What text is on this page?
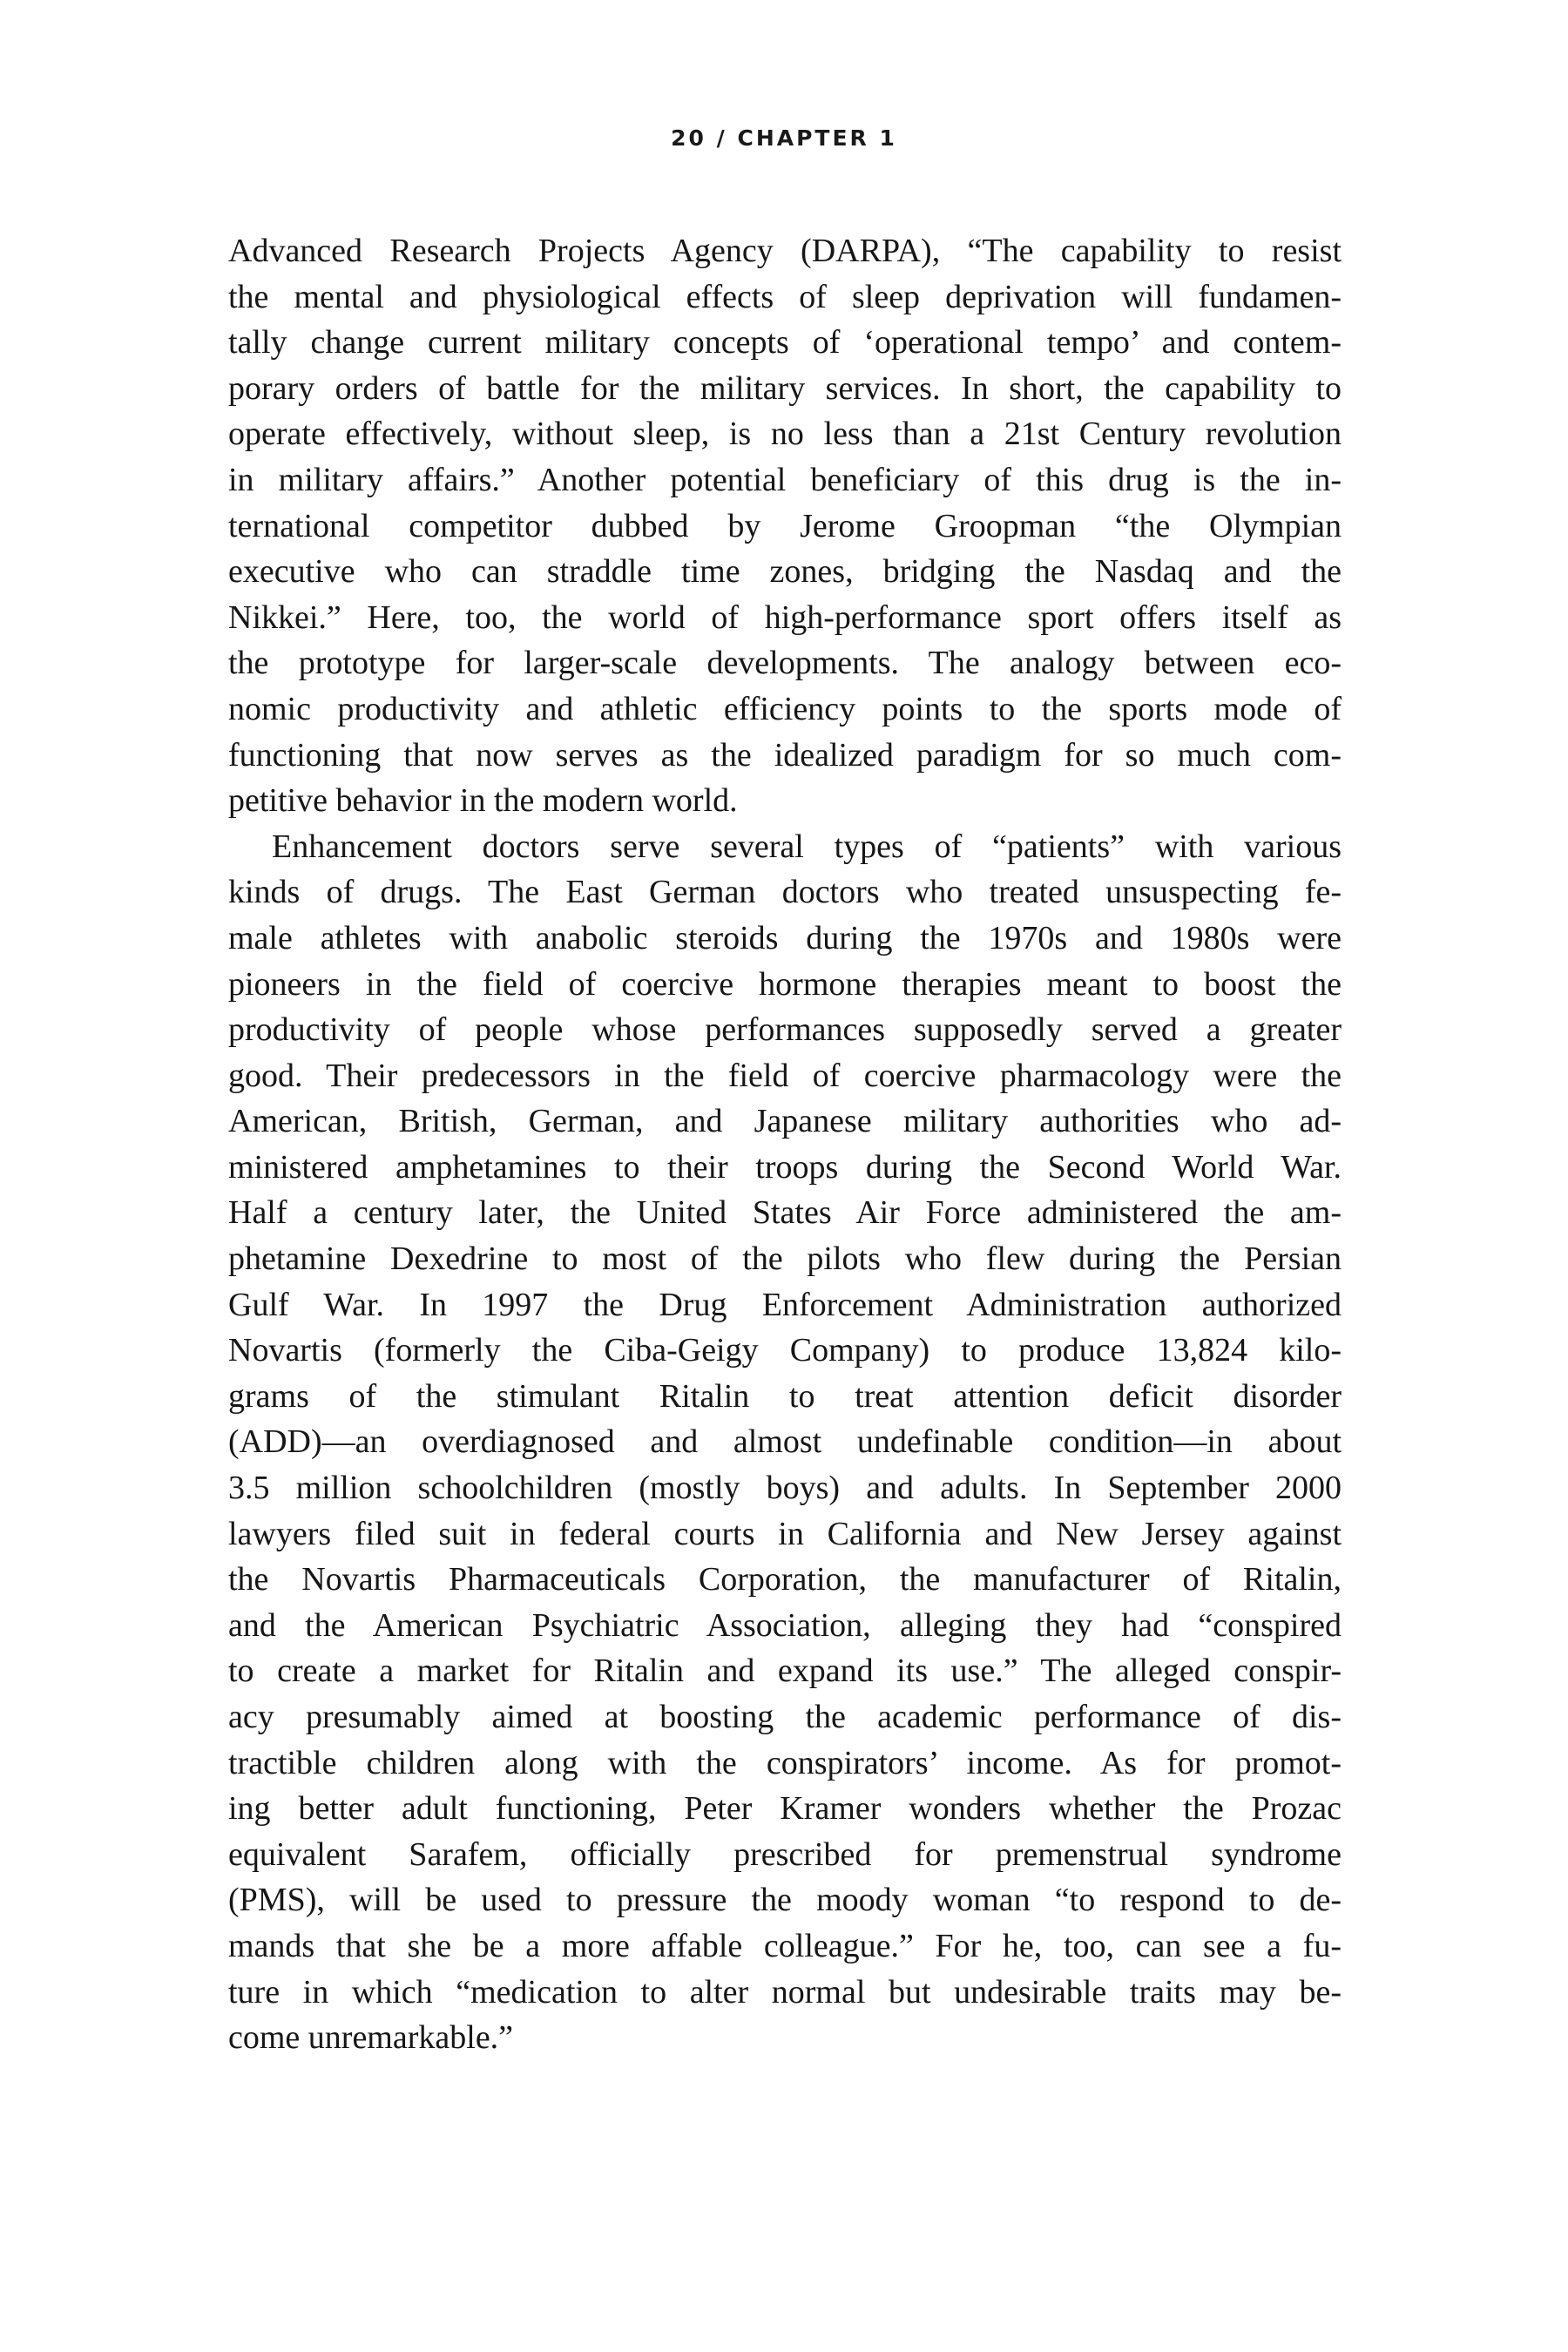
20 / CHAPTER 1
Advanced Research Projects Agency (DARPA), “The capability to resist
the mental and physiological effects of sleep deprivation will fundamen-
tally change current military concepts of ‘operational tempo’ and contem-
porary orders of battle for the military services. In short, the capability to
operate effectively, without sleep, is no less than a 21st Century revolution
in military affairs.” Another potential beneficiary of this drug is the in-
ternational competitor dubbed by Jerome Groopman “the Olympian
executive who can straddle time zones, bridging the Nasdaq and the
Nikkei.” Here, too, the world of high-performance sport offers itself as
the prototype for larger-scale developments. The analogy between eco-
nomic productivity and athletic efficiency points to the sports mode of
functioning that now serves as the idealized paradigm for so much com-
petitive behavior in the modern world.
Enhancement doctors serve several types of “patients” with various
kinds of drugs. The East German doctors who treated unsuspecting fe-
male athletes with anabolic steroids during the 1970s and 1980s were
pioneers in the field of coercive hormone therapies meant to boost the
productivity of people whose performances supposedly served a greater
good. Their predecessors in the field of coercive pharmacology were the
American, British, German, and Japanese military authorities who ad-
ministered amphetamines to their troops during the Second World War.
Half a century later, the United States Air Force administered the am-
phetamine Dexedrine to most of the pilots who flew during the Persian
Gulf War. In 1997 the Drug Enforcement Administration authorized
Novartis (formerly the Ciba-Geigy Company) to produce 13,824 kilo-
grams of the stimulant Ritalin to treat attention deficit disorder
(ADD)—an overdiagnosed and almost undefinable condition—in about
3.5 million schoolchildren (mostly boys) and adults. In September 2000
lawyers filed suit in federal courts in California and New Jersey against
the Novartis Pharmaceuticals Corporation, the manufacturer of Ritalin,
and the American Psychiatric Association, alleging they had “conspired
to create a market for Ritalin and expand its use.” The alleged conspir-
acy presumably aimed at boosting the academic performance of dis-
tractible children along with the conspirators’ income. As for promot-
ing better adult functioning, Peter Kramer wonders whether the Prozac
equivalent Sarafem, officially prescribed for premenstrual syndrome
(PMS), will be used to pressure the moody woman “to respond to de-
mands that she be a more affable colleague.” For he, too, can see a fu-
ture in which “medication to alter normal but undesirable traits may be-
come unremarkable.”
